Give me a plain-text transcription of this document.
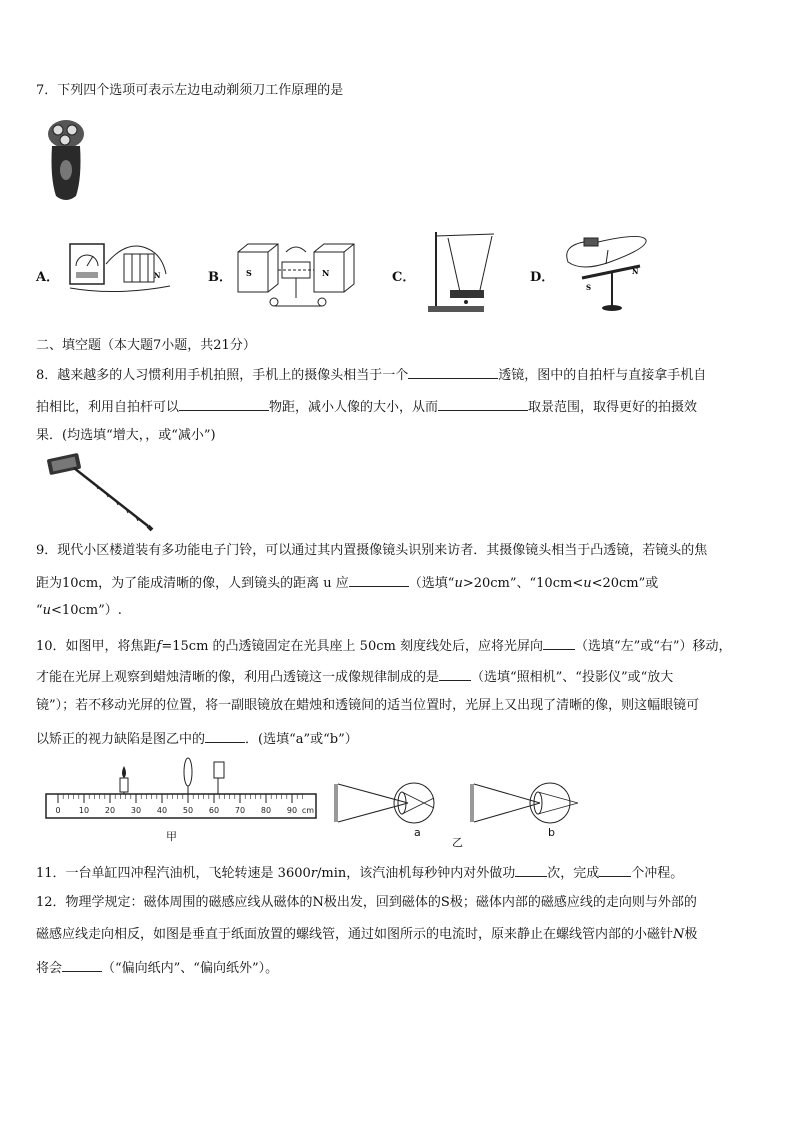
7．下列四个选项可表示左边电动剃须刀工作原理的是
A．	N	B． S	N	C．	D．
S
N
二、填空题（本大题7小题，共21分）
8．越来越多的人习惯利用手机拍照，手机上的摄像头相当于一个	透镜，图中的自拍杆与直接拿手机自
拍相比，利用自拍杆可以	物距，减小人像的大小，从而	取景范围，取得更好的拍摄效
果．(均选填“增大，，或“减小”)
9．现代小区楼道装有多功能电子门铃，可以通过其内置摄像镜头识别来访者．其摄像镜头相当于凸透镜，若镜头的焦
距为10cm，为了能成清晰的像，人到镜头的距离 u 应	（选填“u>20cm”、“10cm<u<20cm”或
“u<10cm”）.
10．如图甲，将焦距f=15cm 的凸透镜固定在光具座上 50cm 刻度线处后，应将光屏向 （选填“左”或“右”）移动，
才能在光屏上观察到蜡烛清晰的像，利用凸透镜这一成像规律制成的是 （选填“照相机”、“投影仪”或“放大
镜”）；若不移动光屏的位置，将一副眼镜放在蜡烛和透镜间的适当位置时，光屏上又出现了清晰的像，则这幅眼镜可
以矫正的视力缺陷是图乙中的	．(选填“a”或“b”）
0 10 20 30 40 50 60 70 80 90 cm
甲	a
乙
b
11．一台单缸四冲程汽油机，飞轮转速是 3600r/min，该汽油机每秒钟内对外做功 次，完成 个冲程。
12．物理学规定：磁体周围的磁感应线从磁体的N极出发，回到磁体的S极；磁体内部的磁感应线的走向则与外部的
磁感应线走向相反，如图是垂直于纸面放置的螺线管，通过如图所示的电流时，原来静止在螺线管内部的小磁针N极
将会	（“偏向纸内”、“偏向纸外”）。
